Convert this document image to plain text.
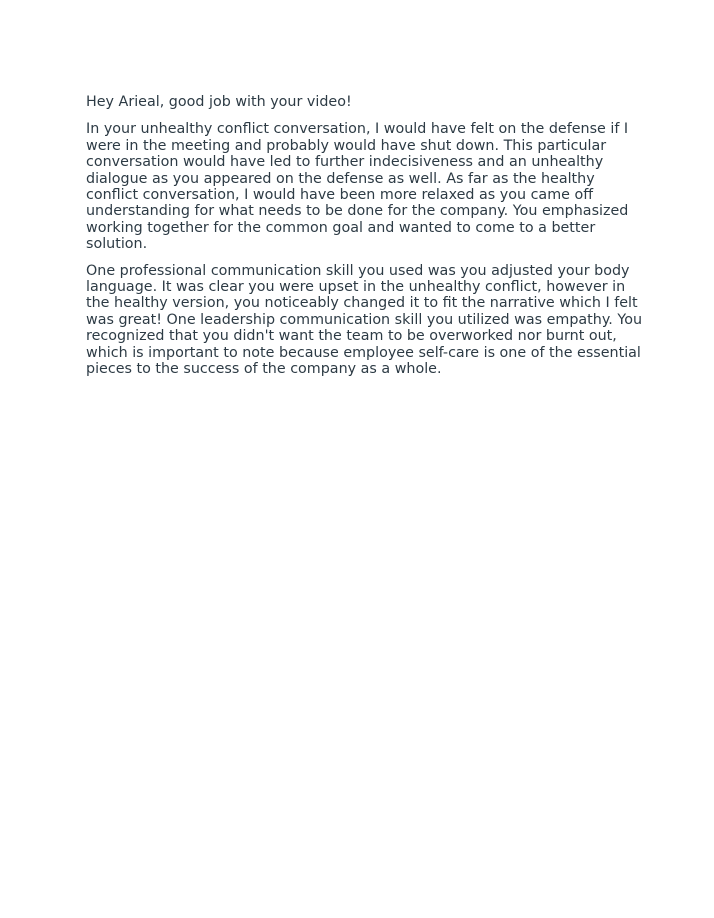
Hey Arieal, good job with your video!

In your unhealthy conflict conversation, I would have felt on the defense if I were in the meeting and probably would have shut down. This particular conversation would have led to further indecisiveness and an unhealthy dialogue as you appeared on the defense as well. As far as the healthy conflict conversation, I would have been more relaxed as you came off understanding for what needs to be done for the company. You emphasized working together for the common goal and wanted to come to a better solution.

One professional communication skill you used was you adjusted your body language. It was clear you were upset in the unhealthy conflict, however in the healthy version, you noticeably changed it to fit the narrative which I felt was great! One leadership communication skill you utilized was empathy. You recognized that you didn't want the team to be overworked nor burnt out, which is important to note because employee self-care is one of the essential pieces to the success of the company as a whole.
